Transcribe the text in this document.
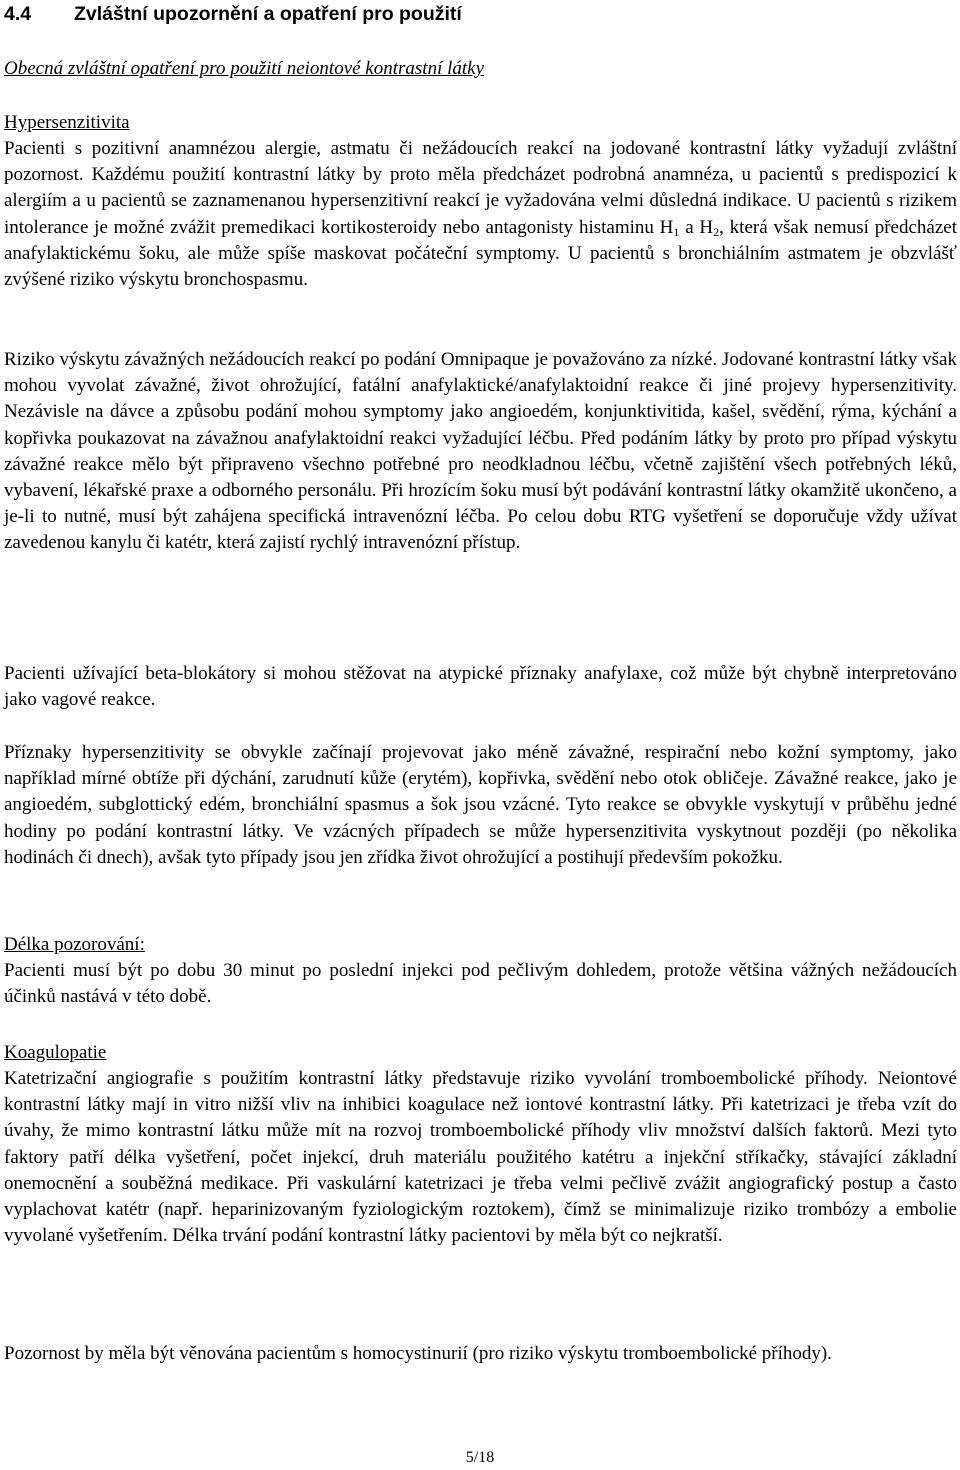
4.4 Zvláštní upozornění a opatření pro použití
Obecná zvláštní opatření pro použití neiontové kontrastní látky
Hypersenzitivita

Pacienti s pozitivní anamnézou alergie, astmatu či nežádoucích reakcí na jodované kontrastní látky vyžadují zvláštní pozornost. Každému použití kontrastní látky by proto měla předcházet podrobná anamnéza, u pacientů s predispozicí k alergiím a u pacientů se zaznamenanou hypersenzitivní reakcí je vyžadována velmi důsledná indikace. U pacientů s rizikem intolerance je možné zvážit premedikaci kortikosteroidy nebo antagonisty histaminu $H_1$ a $H_2$, která však nemusí předcházet anafylaktickému šoku, ale může spíše maskovat počáteční symptomy. U pacientů s bronchiálním astmatem je obzvlášť zvýšené riziko výskytu bronchospasmu.

Riziko výskytu závažných nežádoucích reakcí po podání Omnipaque je považováno za nízké. Jodované kontrastní látky však mohou vyvolat závažné, život ohrožující, fatální anafylaktické/anafylaktoidní reakce či jiné projevy hypersenzitivity. Nezávisle na dávce a způsobu podání mohou symptomy jako angioedém, konjunktivitida, kašel, svědění, rýma, kýchání a kopřivka poukazovat na závažnou anafylaktoidní reakci vyžadující léčbu. Před podáním látky by proto pro případ výskytu závažné reakce mělo být připraveno všechno potřebné pro neodkladnou léčbu, včetně zajištění všech potřebných léků, vybavení, lékařské praxe a odborného personálu. Při hrozícím šoku musí být podávání kontrastní látky okamžitě ukončeno, a je-li to nutné, musí být zahájena specifická intravenózní léčba. Po celou dobu RTG vyšetření se doporučuje vždy užívat zavedenou kanylu či katétr, která zajistí rychlý intravenózní přístup.

Pacienti užívající beta-blokátory si mohou stěžovat na atypické příznaky anafylaxe, což může být chybně interpretováno jako vagové reakce.

Příznaky hypersenzitivity se obvykle začínají projevovat jako méně závažné, respirační nebo kožní symptomy, jako například mírné obtíže při dýchání, zarudnutí kůže (erytém), kopřivka, svědění nebo otok obličeje. Závažné reakce, jako je angioedém, subglottický edém, bronchiální spasmus a šok jsou vzácné. Tyto reakce se obvykle vyskytují v průběhu jedné hodiny po podání kontrastní látky. Ve vzácných případech se může hypersenzitivita vyskytnout později (po několika hodinách či dnech), avšak tyto případy jsou jen zřídka život ohrožující a postihují především pokožku.

Délka pozorování:

Pacienti musí být po dobu 30 minut po poslední injekci pod pečlivým dohledem, protože většina vážných nežádoucích účinků nastává v této době.

Koagulopatie

Katetrizační angiografie s použitím kontrastní látky představuje riziko vyvolání tromboembolické příhody. Neiontové kontrastní látky mají in vitro nižší vliv na inhibici koagulace než iontové kontrastní látky. Při katetrizaci je třeba vzít do úvahy, že mimo kontrastní látku může mít na rozvoj tromboembolické příhody vliv množství dalších faktorů. Mezi tyto faktory patří délka vyšetření, počet injekcí, druh materiálu použitého katétru a injekční stříkačky, stávající základní onemocnění a souběžná medikace. Při vaskulární katetrizaci je třeba velmi pečlivě zvážit angiografický postup a často vyplachovat katétr (např. heparinizovaným fyziologickým roztokem), čímž se minimalizuje riziko trombózy a embolie vyvolané vyšetřením. Délka trvání podání kontrastní látky pacientovi by měla být co nejkratší.

Pozornost by měla být věnována pacientům s homocystinurií (pro riziko výskytu tromboembolické příhody).

5/18
